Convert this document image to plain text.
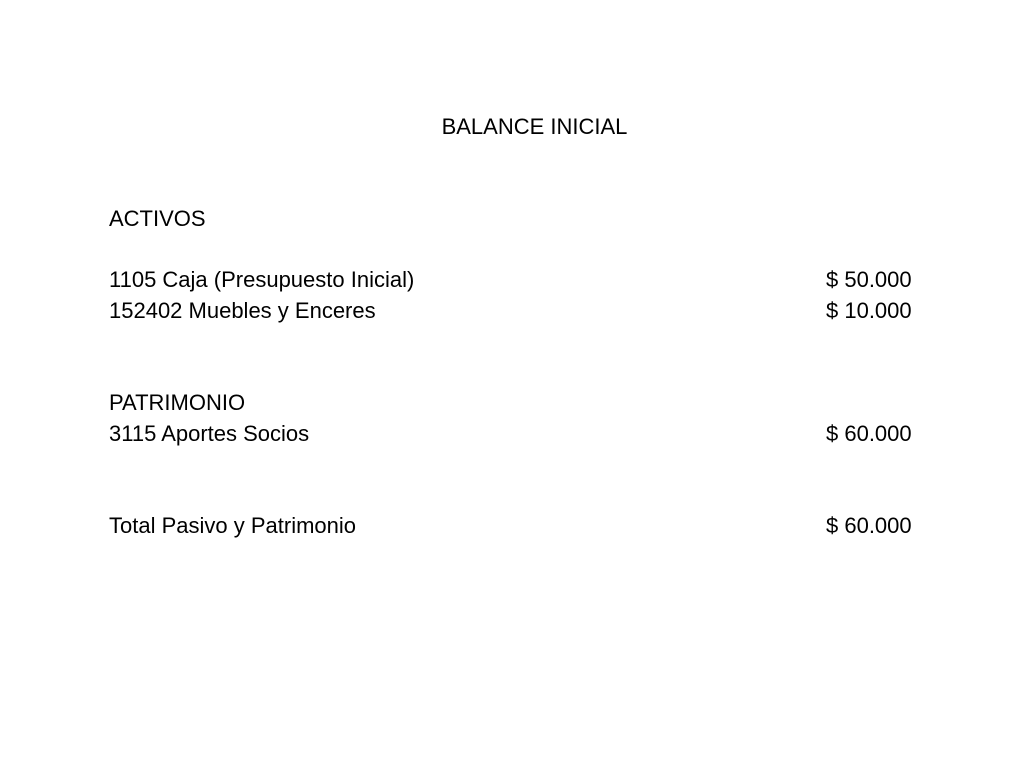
BALANCE INICIAL
ACTIVOS
1105 Caja (Presupuesto Inicial)	$ 50.000
152402 Muebles y Enceres	$ 10.000
PATRIMONIO
3115 Aportes Socios	$ 60.000
Total Pasivo y Patrimonio	$ 60.000
